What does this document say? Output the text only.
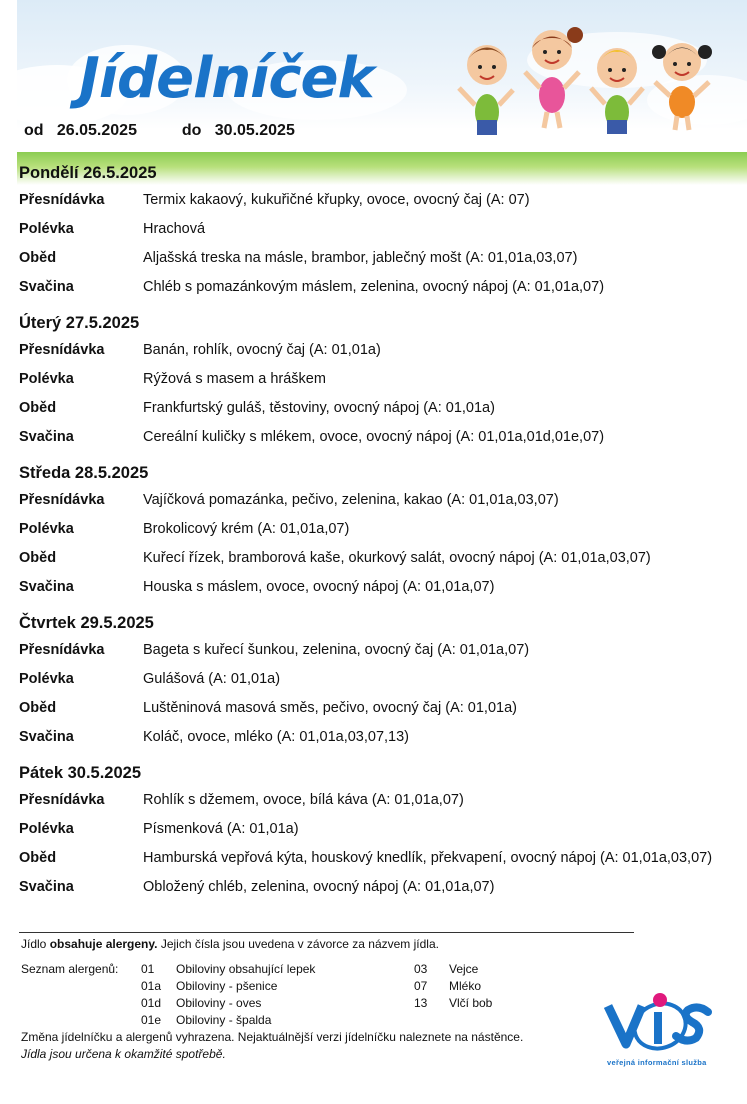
Jídelníček
od 26.05.2025	do 30.05.2025
Pondělí 26.5.2025
Přesnídávka	Termix kakaový, kukuřičné křupky, ovoce, ovocný čaj (A: 07)
Polévka	Hrachová
Oběd	Aljašská treska na másle, brambor, jablečný mošt (A: 01,01a,03,07)
Svačina	Chléb s pomazánkovým máslem, zelenina, ovocný nápoj (A: 01,01a,07)
Úterý 27.5.2025
Přesnídávka	Banán, rohlík, ovocný čaj (A: 01,01a)
Polévka	Rýžová s masem a hráškem
Oběd	Frankfurtský guláš, těstoviny, ovocný nápoj (A: 01,01a)
Svačina	Cereální kuličky s mlékem, ovoce, ovocný nápoj (A: 01,01a,01d,01e,07)
Středa 28.5.2025
Přesnídávka	Vajíčková pomazánka, pečivo, zelenina, kakao (A: 01,01a,03,07)
Polévka	Brokolicový krém (A: 01,01a,07)
Oběd	Kuřecí řízek, bramborová kaše, okurkový salát, ovocný nápoj (A: 01,01a,03,07)
Svačina	Houska s máslem, ovoce, ovocný nápoj (A: 01,01a,07)
Čtvrtek 29.5.2025
Přesnídávka	Bageta s kuřecí šunkou, zelenina, ovocný čaj (A: 01,01a,07)
Polévka	Gulášová (A: 01,01a)
Oběd	Luštěninová masová směs, pečivo, ovocný čaj (A: 01,01a)
Svačina	Koláč, ovoce, mléko (A: 01,01a,03,07,13)
Pátek 30.5.2025
Přesnídávka	Rohlík s džemem, ovoce, bílá káva (A: 01,01a,07)
Polévka	Písmenková (A: 01,01a)
Oběd	Hamburská vepřová kýta, houskový knedlík, překvapení, ovocný nápoj (A: 01,01a,03,07)
Svačina	Obložený chléb, zelenina, ovocný nápoj (A: 01,01a,07)
Jídlo obsahuje alergeny. Jejich čísla jsou uvedena v závorce za názvem jídla.
Seznam alergenů:	01	Obiloviny obsahující lepek
01a	Obiloviny - pšenice
01d	Obiloviny - oves
01e	Obiloviny - špalda
03	Vejce
07	Mléko
13	Vlčí bob
Změna jídelníčku a alergenů vyhrazena. Nejaktuálnější verzi jídelníčku naleznete na nástěnce.
Jídla jsou určena k okamžité spotřebě.
veřejná informační služba
